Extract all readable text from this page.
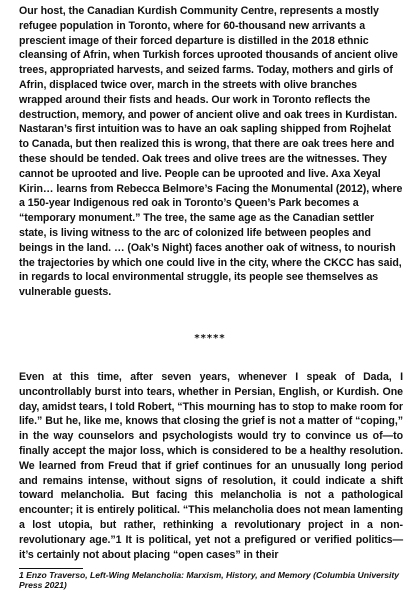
Our host, the Canadian Kurdish Community Centre, represents a mostly refugee population in Toronto, where for 60-thousand new arrivants a prescient image of their forced departure is distilled in the 2018 ethnic cleansing of Afrin, when Turkish forces uprooted thousands of ancient olive trees, appropriated harvests, and seized farms. Today, mothers and girls of Afrin, displaced twice over, march in the streets with olive branches wrapped around their fists and heads. Our work in Toronto reflects the destruction, memory, and power of ancient olive and oak trees in Kurdistan. Nastaran’s first intuition was to have an oak sapling shipped from Rojhelat to Canada, but then realized this is wrong, that there are oak trees here and these should be tended. Oak trees and olive trees are the witnesses. They cannot be uprooted and live. People can be uprooted and live. Axa Xeyal Kirin… learns from Rebecca Belmore’s Facing the Monumental (2012), where a 150-year Indigenous red oak in Toronto’s Queen’s Park becomes a “temporary monument.” The tree, the same age as the Canadian settler state, is living witness to the arc of colonized life between peoples and beings in the land. … (Oak’s Night) faces another oak of witness, to nourish the trajectories by which one could live in the city, where the CKCC has said, in regards to local environmental struggle, its people see themselves as vulnerable guests.

*****

Even at this time, after seven years, whenever I speak of Dada, I uncontrollably burst into tears, whether in Persian, English, or Kurdish. One day, amidst tears, I told Robert, “This mourning has to stop to make room for life.” But he, like me, knows that closing the grief is not a matter of “coping,” in the way counselors and psychologists would try to convince us of—to finally accept the major loss, which is considered to be a healthy resolution. We learned from Freud that if grief continues for an unusually long period and remains intense, without signs of resolution, it could indicate a shift toward melancholia. But facing this melancholia is not a pathological encounter; it is entirely political. “This melancholia does not mean lamenting a lost utopia, but rather, rethinking a revolutionary project in a non-revolutionary age.”1 It is political, yet not a prefigured or verified politics—it’s certainly not about placing “open cases” in their

1 Enzo Traverso, Left-Wing Melancholia: Marxism, History, and Memory (Columbia University Press 2021)
